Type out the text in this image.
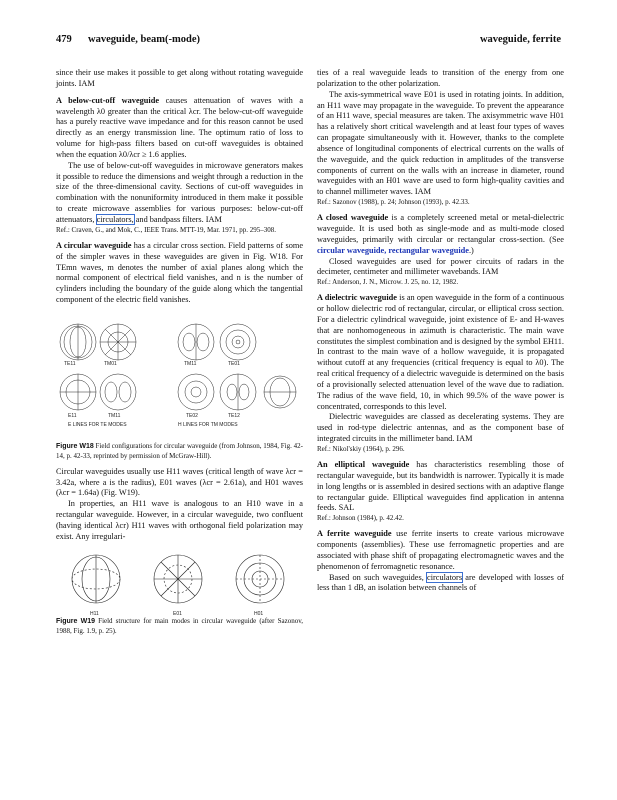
479 waveguide, beam(-mode)	waveguide, ferrite

since their use makes it possible to get along without rotating waveguide joints. IAM

A below-cut-off waveguide causes attenuation of waves with a wavelength λ0 greater than the critical λcr. The below-cut-off waveguide has a purely reactive wave impedance and for this reason cannot be used directly as an energy transmission line. The optimum ratio of loss to volume for high-pass filters based on cut-off waveguides is obtained when the equation λ0/λcr ≥ 1.6 applies.

The use of below-cut-off waveguides in microwave generators makes it possible to reduce the dimensions and weight through a reduction in the size of the three-dimensional cavity. Sections of cut-off waveguides in combination with the nonuniformity introduced in them make it possible to create microwave assemblies for various purposes: below-cut-off attenuators, circulators, and bandpass filters. IAM

Ref.: Craven, G., and Mok, C., IEEE Trans. MTT-19, Mar. 1971, pp. 295–308.

A circular waveguide has a circular cross section. Field patterns of some of the simpler waves in these waveguides are given in Fig. W18. For TEmn waves, m denotes the number of axial planes along which the normal component of electrical field vanishes, and n is the number of cylinders including the boundary of the guide along which the tangential component of the electric field vanishes.

TE11	TM01	TM11	TE01
E11	TM11	TE02	TE12
E LINES FOR TE MODES	H LINES FOR TM MODES

Figure W18 Field configurations for circular waveguide (from Johnson, 1984, Fig. 42-14, p. 42-33, reprinted by permission of McGraw-Hill).

Circular waveguides usually use H11 waves (critical length of wave λcr = 3.42a, where a is the radius), E01 waves (λcr = 2.61a), and H01 waves (λcr = 1.64a) (Fig. W19).

In properties, an H11 wave is analogous to an H10 wave in a rectangular waveguide. However, in a circular waveguide, two confluent (having identical λcr) H11 waves with orthogonal field polarization may exist. Any irregulari-

H11	E01	H01

Figure W19 Field structure for main modes in circular waveguide (after Sazonov, 1988, Fig. 1.9, p. 25).

ties of a real waveguide leads to transition of the energy from one polarization to the other polarization.

The axis-symmetrical wave E01 is used in rotating joints. In addition, an H11 wave may propagate in the waveguide. To prevent the appearance of an H11 wave, special measures are taken. The axisymmetric wave H01 has a relatively short critical wavelength and at least four types of waves can propagate simultaneously with it. However, thanks to the complete absence of longitudinal components of electrical currents on the walls of the waveguide, and the quick reduction in amplitudes of the transverse components of current on the walls with an increase in diameter, round waveguides with an H01 wave are used to form high-quality cavities and to channel millimeter waves. IAM

Ref.: Sazonov (1988), p. 24; Johnson (1993), p. 42.33.

A closed waveguide is a completely screened metal or metal-dielectric waveguide. It is used both as single-mode and as multi-mode closed waveguides, primarily with circular or rectangular cross-section. (See circular waveguide, rectangular waveguide.)

Closed waveguides are used for power circuits of radars in the decimeter, centimeter and millimeter wavebands. IAM

Ref.: Anderson, J. N., Microw. J. 25, no. 12, 1982.

A dielectric waveguide is an open waveguide in the form of a continuous or hollow dielectric rod of rectangular, circular, or elliptical cross section. For a dielectric cylindrical waveguide, joint existence of E- and H-waves that are nonhomogeneous in azimuth is characteristic. The main wave constitutes the simplest combination and is designed by the symbol EH11. In contrast to the main wave of a hollow waveguide, it is propagated without cutoff at any frequencies (critical frequency is equal to λ0). The real critical frequency of a dielectric waveguide is determined on the basis of a provisionally selected attenuation level of the wave due to radiation. The radius of the wave field, 10, in which 99.5% of the wave power is concentrated, corresponds to this level.

Dielectric waveguides are classed as decelerating systems. They are used in rod-type dielectric antennas, and as the component base of integrated circuits in the millimeter band. IAM

Ref.: Nikol'skiy (1964), p. 296.

An elliptical waveguide has characteristics resembling those of rectangular waveguide, but its bandwidth is narrower. Typically it is made in long lengths or is assembled in desired sections with an adaptive flange to rectangular guide. Elliptical waveguides find application in antenna feeds. SAL

Ref.: Johnson (1984), p. 42.42.

A ferrite waveguide use ferrite inserts to create various microwave components (assemblies). These use ferromagnetic properties and are associated with phase shift of propagating electromagnetic waves and the phenomenon of ferromagnetic resonance.

Based on such waveguides, circulators are developed with losses of less than 1 dB, an isolation between channels of
